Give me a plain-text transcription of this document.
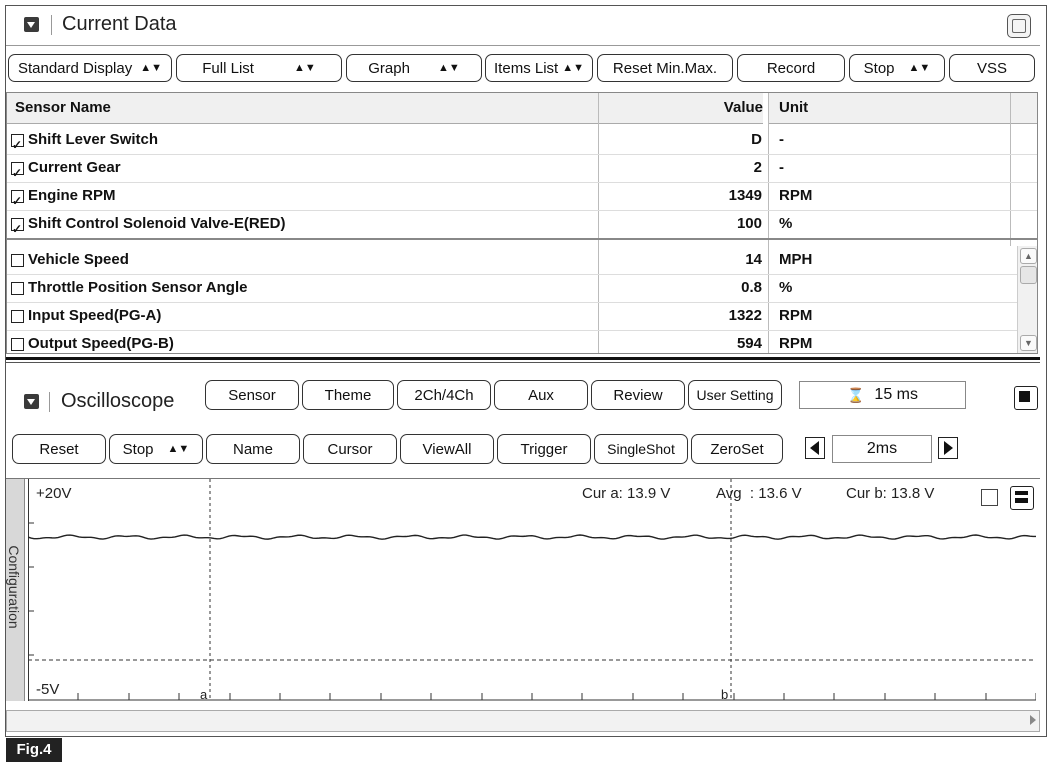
Current Data
Standard Display ▲▼	Full List	▲▼	Graph	▲▼ Items List ▲▼	Reset Min.Max.	Record	Stop ▲▼	VSS
Sensor Name	Value	Unit
✓
Shift Lever Switch	D -
✓
Current Gear	2 -
✓
Engine RPM	1349 RPM
✓
Shift Control Solenoid Valve-E(RED)	100 %
Vehicle Speed	14 MPH
Throttle Position Sensor Angle	0.8 %
Input Speed(PG-A)	1322 RPM
Output Speed(PG-B)	594 RPM
▲
▼
Oscilloscope	Sensor	Theme	2Ch/4Ch	Aux	Review	User Setting	⌛ 15 ms
Reset	Stop ▲▼	Name	Cursor	ViewAll	Trigger	SingleShot	ZeroSet	2ms
Configuration
+20V
-5V
Cur a: 13.9 V	Avg  : 13.6 V	Cur b: 13.8 V
a	b
Fig.4
